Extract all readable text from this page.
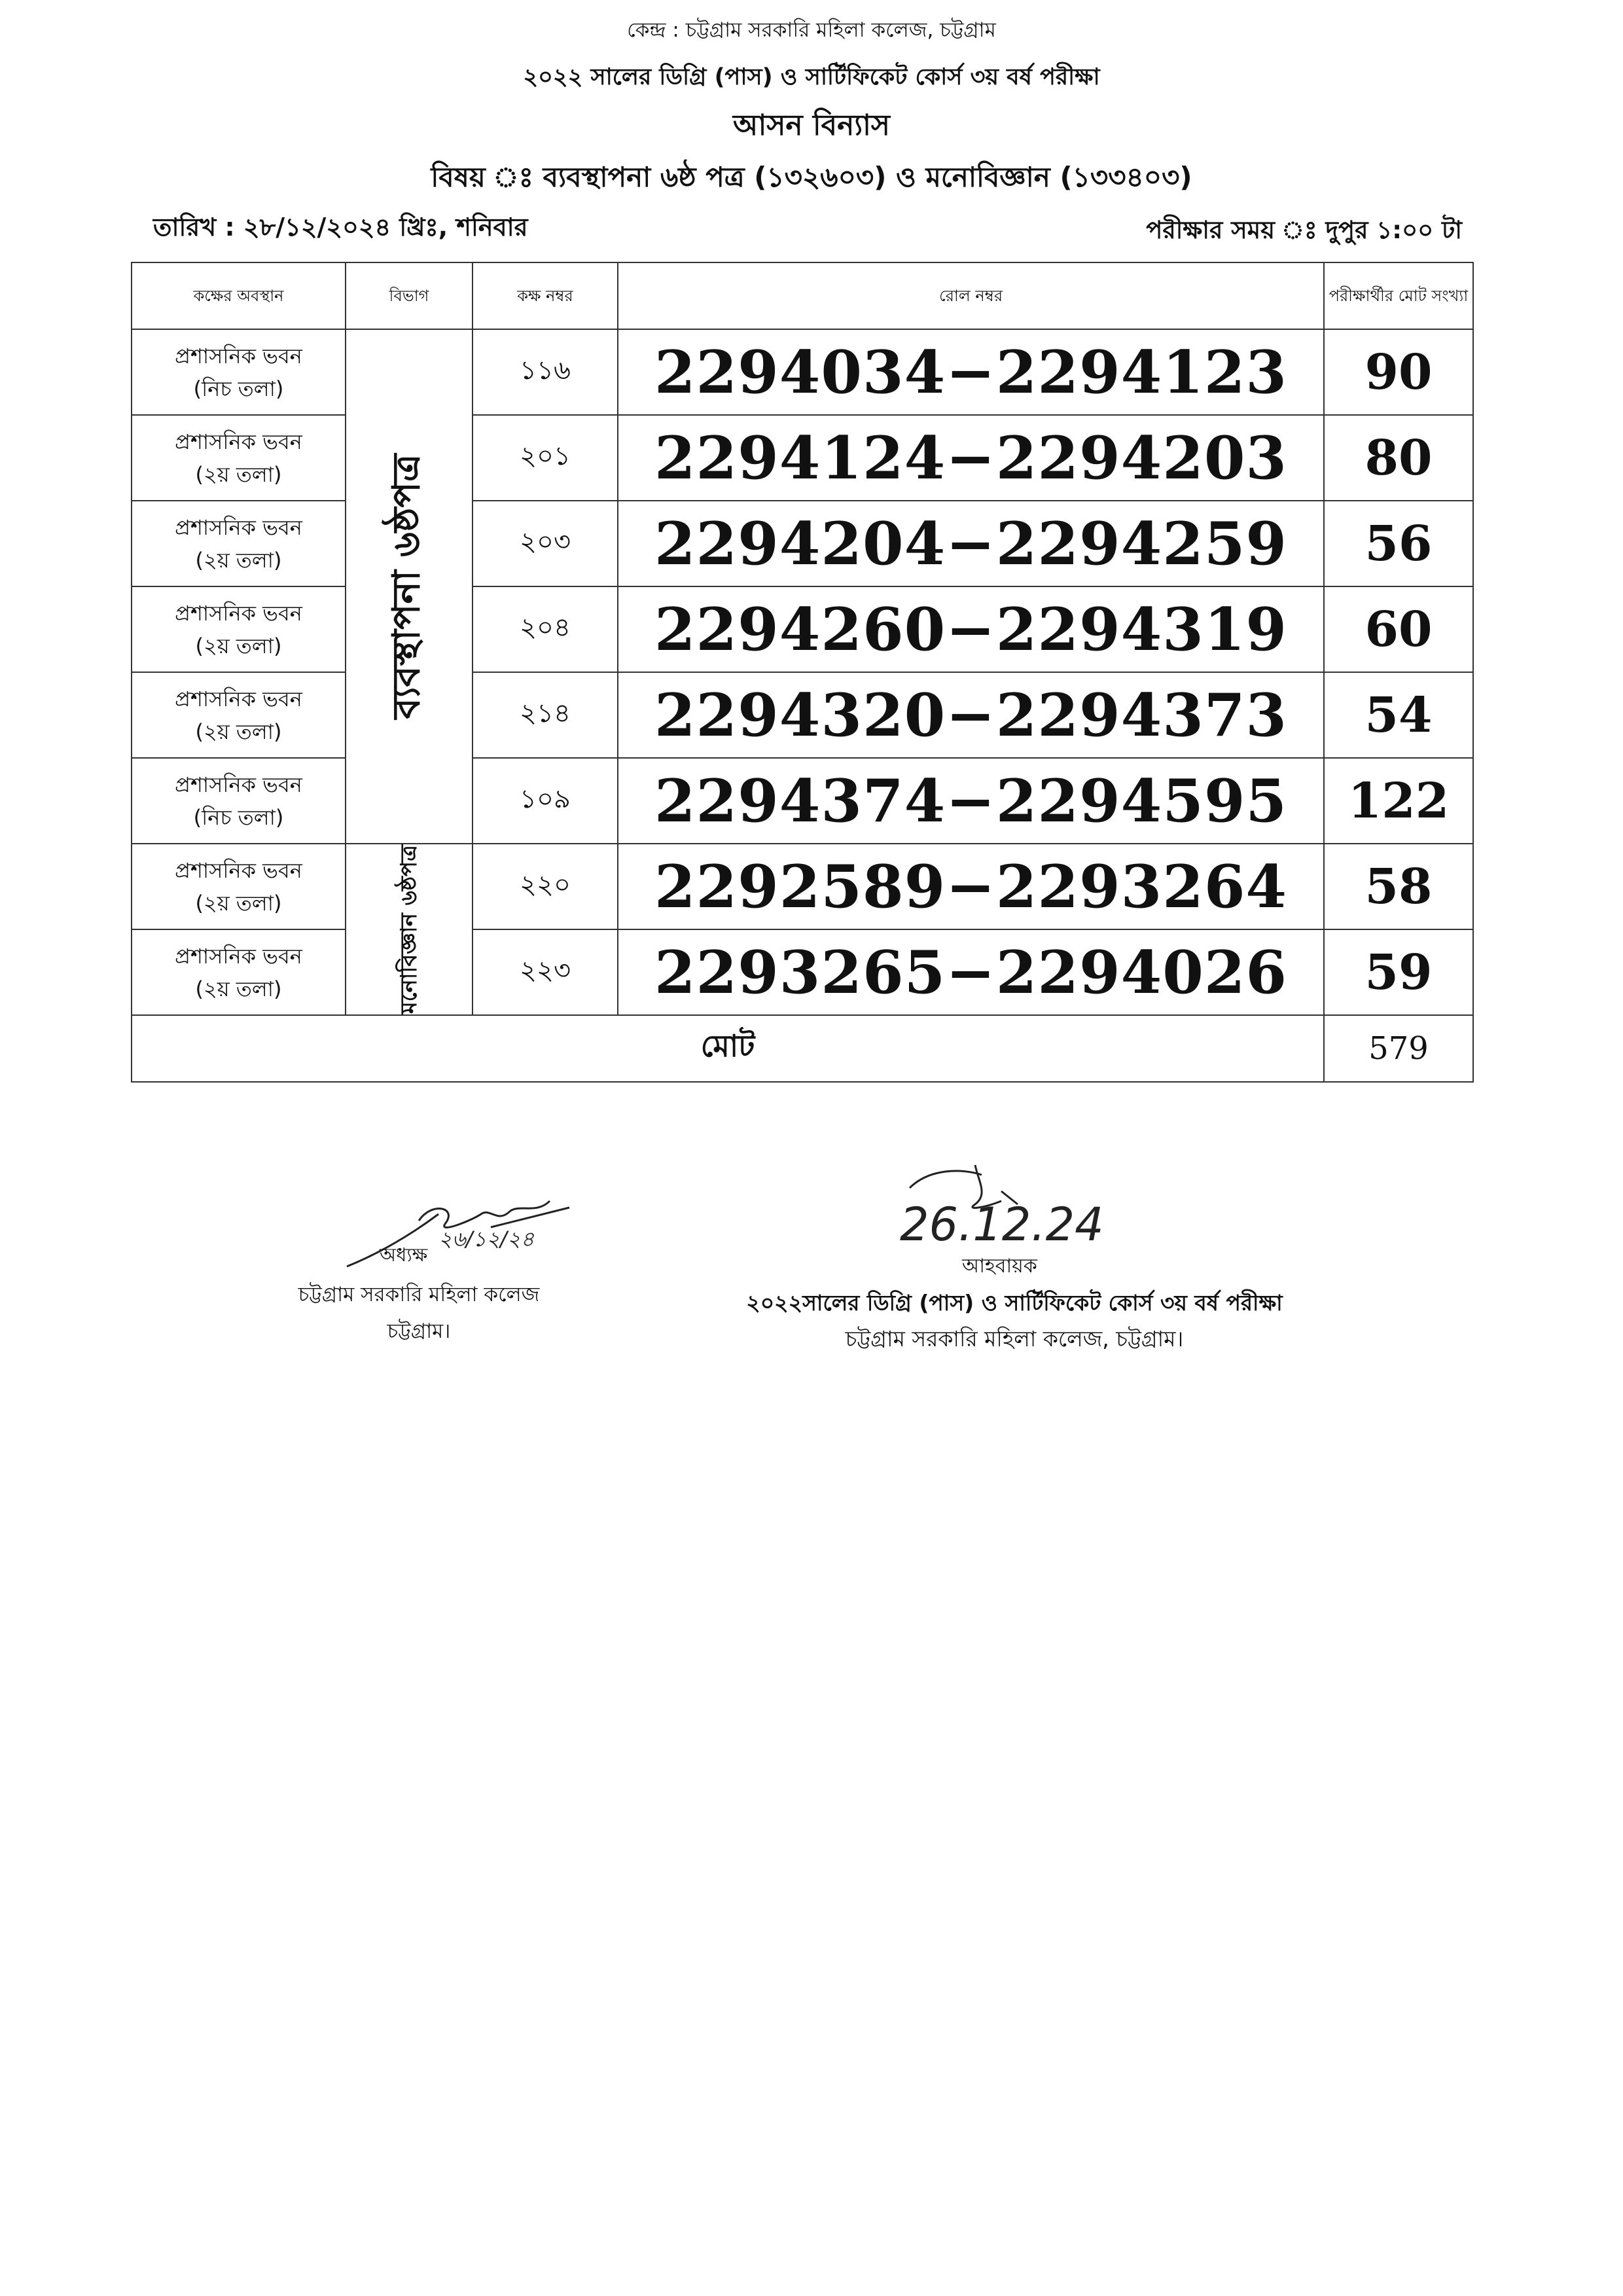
কেন্দ্র : চট্টগ্রাম সরকারি মহিলা কলেজ, চট্টগ্রাম
২০২২ সালের ডিগ্রি (পাস) ও সার্টিফিকেট কোর্স ৩য় বর্ষ পরীক্ষা
আসন বিন্যাস
বিষয় ঃ ব্যবস্থাপনা ৬ষ্ঠ পত্র (১৩২৬০৩) ও মনোবিজ্ঞান (১৩৩৪০৩)
তারিখ : ২৮/১২/২০২৪ খ্রিঃ, শনিবার	পরীক্ষার সময় ঃ দুপুর ১:০০ টা
কক্ষের অবস্থান	বিভাগ	কক্ষ নম্বর	রোল নম্বর	পরীক্ষার্থীর মোট সংখ্যা
প্রশাসনিক ভবন
(নিচ তলা)	ব্যবস্থাপনা ৬ষ্ঠপত্র	১১৬	2294034−2294123	90
প্রশাসনিক ভবন
(২য় তলা)		২০১	2294124−2294203	80
প্রশাসনিক ভবন
(২য় তলা)		২০৩	2294204−2294259	56
প্রশাসনিক ভবন
(২য় তলা)		২০৪	2294260−2294319	60
প্রশাসনিক ভবন
(২য় তলা)		২১৪	2294320−2294373	54
প্রশাসনিক ভবন
(নিচ তলা)		১০৯	2294374−2294595	122
প্রশাসনিক ভবন
(২য় তলা)	মনোবিজ্ঞান ৬ষ্ঠপত্র	২২০	2292589−2293264	58
প্রশাসনিক ভবন
(২য় তলা)		২২৩	2293265−2294026	59
মোট				579
২৬/১২/২৪
অধ্যক্ষ
চট্টগ্রাম সরকারি মহিলা কলেজ
চট্টগ্রাম।
26.12.24
আহবায়ক
২০২২সালের ডিগ্রি (পাস) ও সার্টিফিকেট কোর্স ৩য় বর্ষ পরীক্ষা
চট্টগ্রাম সরকারি মহিলা কলেজ, চট্টগ্রাম।
